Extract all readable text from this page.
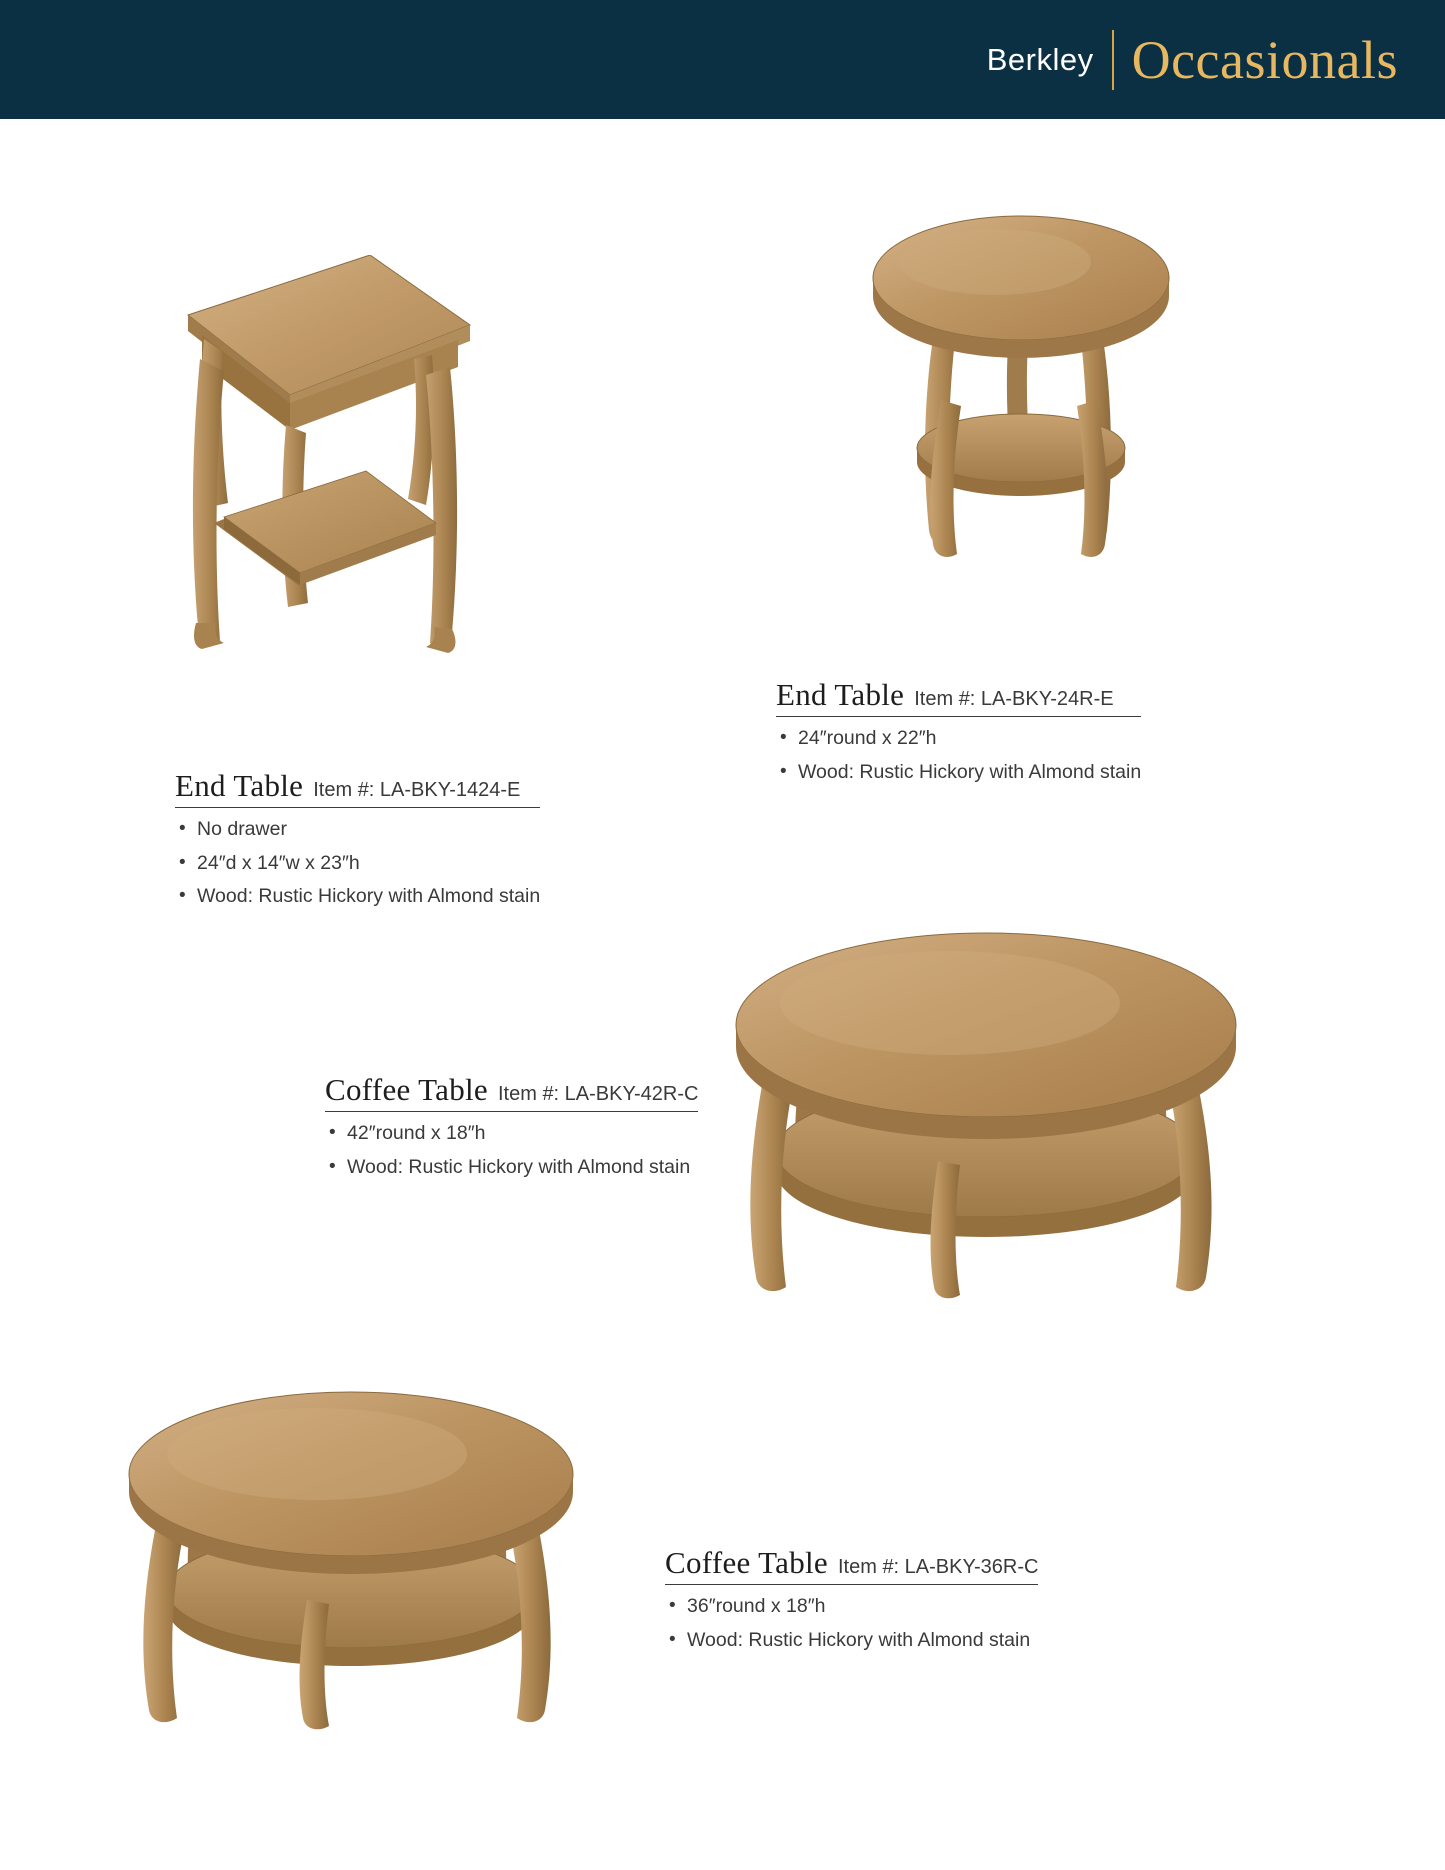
Berkley Occasionals
End Table Item #: LA-BKY-1424-E
• No drawer
• 24″d x 14″w x 23″h
• Wood: Rustic Hickory with Almond stain
End Table Item #: LA-BKY-24R-E
• 24″round x 22″h
• Wood: Rustic Hickory with Almond stain
Coffee Table Item #: LA-BKY-42R-C
• 42″round x 18″h
• Wood: Rustic Hickory with Almond stain
Coffee Table Item #: LA-BKY-36R-C
• 36″round x 18″h
• Wood: Rustic Hickory with Almond stain
